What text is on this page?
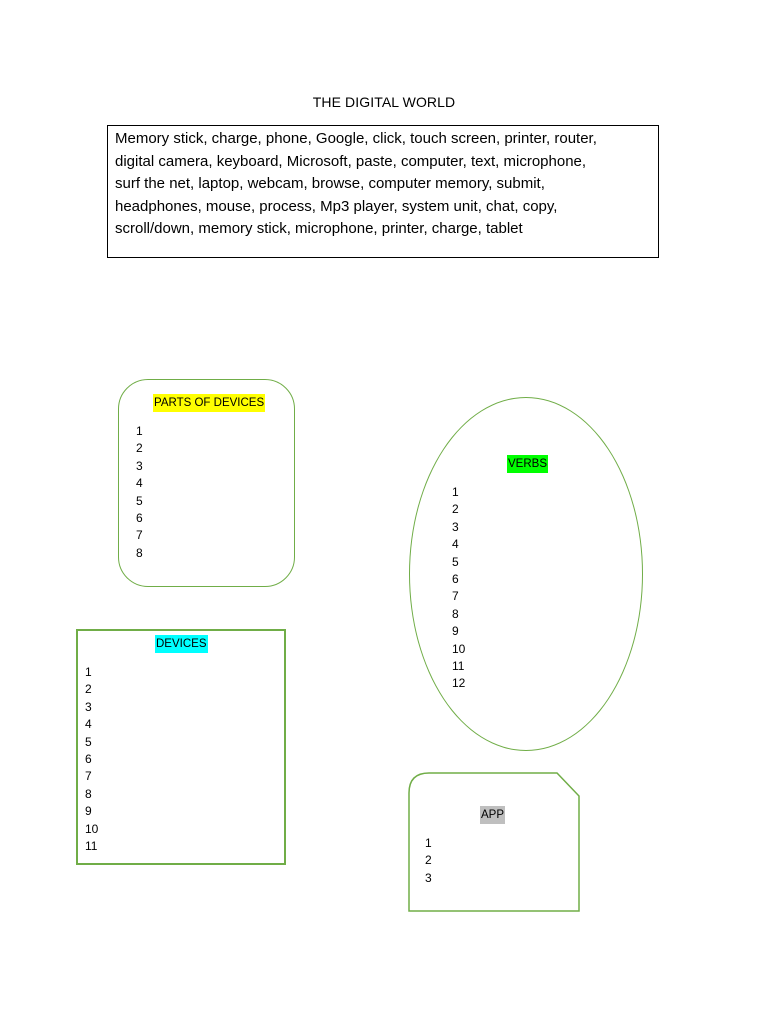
THE DIGITAL WORLD

Memory stick, charge, phone, Google, click, touch screen, printer, router,
digital camera, keyboard, Microsoft, paste, computer, text, microphone,
surf the net, laptop, webcam, browse, computer memory, submit,
headphones, mouse, process, Mp3 player, system unit, chat, copy,
scroll/down, memory stick, microphone, printer, charge, tablet

PARTS OF DEVICES
1
2
3
4
5
6
7
8
VERBS
1
2
3
4
5
6
7
8
9
10
11
12
DEVICES
1
2
3
4
5
6
7
8
9
10
11
APP
1
2
3
